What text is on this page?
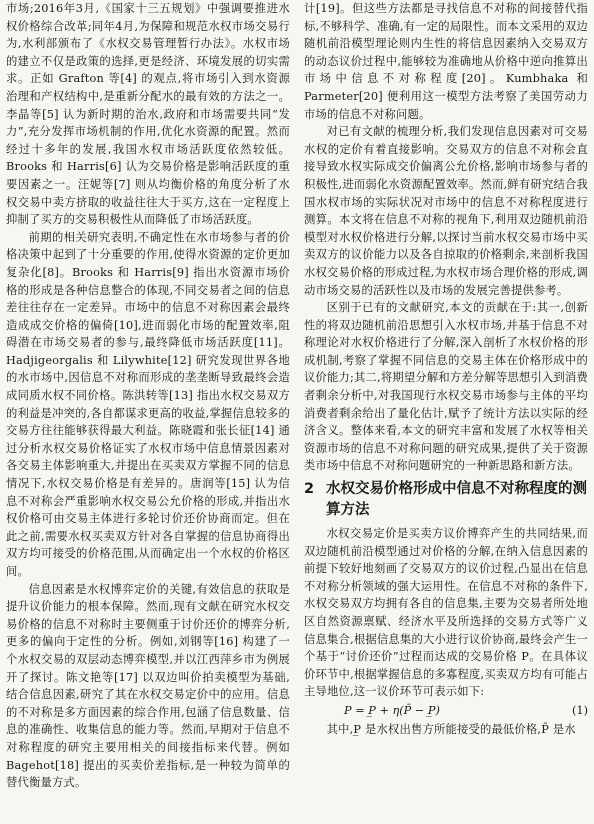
市场;2016年3月,《国家十三五规划》中强调要推进水权价格综合改革;同年4月,为保障和规范水权市场交易行为,水利部颁布了《水权交易管理暂行办法》。水权市场的建立不仅是政策的选择,更是经济、环境发展的切实需求。正如 Grafton 等[4] 的观点,将市场引入到水资源治理和产权结构中,是重新分配水的最有效的方法之一。李晶等[5] 认为新时期的治水,政府和市场需要共同“发力”,充分发挥市场机制的作用,优化水资源的配置。然而经过十多年的发展,我国水权市场活跃度依然较低。Brooks 和 Harris[6] 认为交易价格是影响活跃度的重要因素之一。汪妮等[7] 则从均衡价格的角度分析了水权交易中卖方挤取的收益往往大于买方,这在一定程度上抑制了买方的交易积极性从而降低了市场活跃度。

前期的相关研究表明,不确定性在水市场参与者的价格决策中起到了十分重要的作用,使得水资源的定价更加复杂化[8]。Brooks 和 Harris[9] 指出水资源市场价格的形成是各种信息整合的体现,不同交易者之间的信息差往往存在一定差异。市场中的信息不对称因素会最终造成成交价格的偏倚[10],进而弱化市场的配置效率,阻碍潜在市场交易者的参与,最终降低市场活跃度[11]。Hadjigeorgalis 和 Lilywhite[12] 研究发现世界各地的水市场中,因信息不对称而形成的垄垄断导致最终会造成同质水权不同价格。陈洪转等[13] 指出水权交易双方的利益是冲突的,各自都谋求更高的收益,掌握信息较多的交易方往往能够获得最大利益。陈晓霞和张长征[14] 通过分析水权交易价格证实了水权市场中信息情景因素对各交易主体影响重大,并提出在买卖双方掌握不同的信息情况下,水权交易价格是有差异的。唐润等[15] 认为信息不对称会严重影响水权交易公允价格的形成,并指出水权价格可由交易主体进行多轮讨价还价协商而定。但在此之前,需要水权买卖双方针对各自掌握的信息协商得出双方均可接受的价格范围,从而确定出一个水权的价格区间。

信息因素是水权博弈定价的关键,有效信息的获取是提升议价能力的根本保障。然而,现有文献在研究水权交易价格的信息不对称时主要侧重于讨价还价的博弈分析,更多的偏向于定性的分析。例如,刘钢等[16] 构建了一个水权交易的双层动态博弈模型,并以江西萍乡市为例展开了探讨。陈文艳等[17] 以双边叫价拍卖模型为基础,结合信息因素,研究了其在水权交易定价中的应用。信息的不对称是多方面因素的综合作用,包涵了信息数量、信息的准确性、收集信息的能力等。然而,早期对于信息不对称程度的研究主要用相关的间接指标来代替。例如 Bagehot[18] 提出的买卖价差指标,是一种较为简单的替代衡量方式。

计[19]。但这些方法都是寻找信息不对称的间接替代指标,不够科学、准确,有一定的局限性。而本文采用的双边随机前沿模型理论则内生性的将信息因素纳入交易双方的动态议价过程中,能够较为准确地从价格中逆向推算出市场中信息不对称程度[20]。Kumbhaka 和 Parmeter[20] 便利用这一模型方法考察了美国劳动力市场的信息不对称问题。

对已有文献的梳理分析,我们发现信息因素对可交易水权的定价有着直接影响。交易双方的信息不对称会直接导致水权实际成交价偏离公允价格,影响市场参与者的积极性,进而弱化水资源配置效率。然而,鲜有研究结合我国水权市场的实际状况对市场中的信息不对称程度进行测算。本文将在信息不对称的视角下,利用双边随机前沿模型对水权价格进行分解,以探讨当前水权交易市场中买卖双方的议价能力以及各自掠取的价格剩余,来剖析我国水权交易价格的形成过程,为水权市场合理价格的形成,调动市场交易的活跃性以及市场的发展完善提供参考。

区别于已有的文献研究,本文的贡献在于:其一,创新性的将双边随机前沿思想引入水权市场,并基于信息不对称理论对水权价格进行了分解,深入剖析了水权价格的形成机制,考察了掌握不同信息的交易主体在价格形成中的议价能力;其二,将期望分解和方差分解等思想引入到消费者剩余分析中,对我国现行水权交易市场参与主体的平均消费者剩余给出了量化估计,赋予了统计方法以实际的经济含义。整体来看,本文的研究丰富和发展了水权等相关资源市场的信息不对称问题的研究成果,提供了关于资源类市场中信息不对称问题研究的一种新思路和新方法。

2 水权交易价格形成中信息不对称程度的测算方法

水权交易定价是买卖方议价博弈产生的共同结果,而双边随机前沿模型通过对价格的分解,在纳入信息因素的前提下较好地刻画了交易双方的议价过程,凸显出在信息不对称分析领域的强大运用性。在信息不对称的条件下,水权交易双方均拥有各自的信息集,主要为交易者所处地区自然资源禀赋、经济水平及所选择的交易方式等广义信息集合,根据信息集的大小进行议价协商,最终会产生一个基于“讨价还价”过程而达成的交易价格 P。在具体议价环节中,根据掌握信息的多寡程度,买卖双方均有可能占主导地位,这一议价环节可表示如下:

P = P̲ + η(P̄ − P̲)	(1)

其中,P̲ 是水权出售方所能接受的最低价格,P̄ 是水
